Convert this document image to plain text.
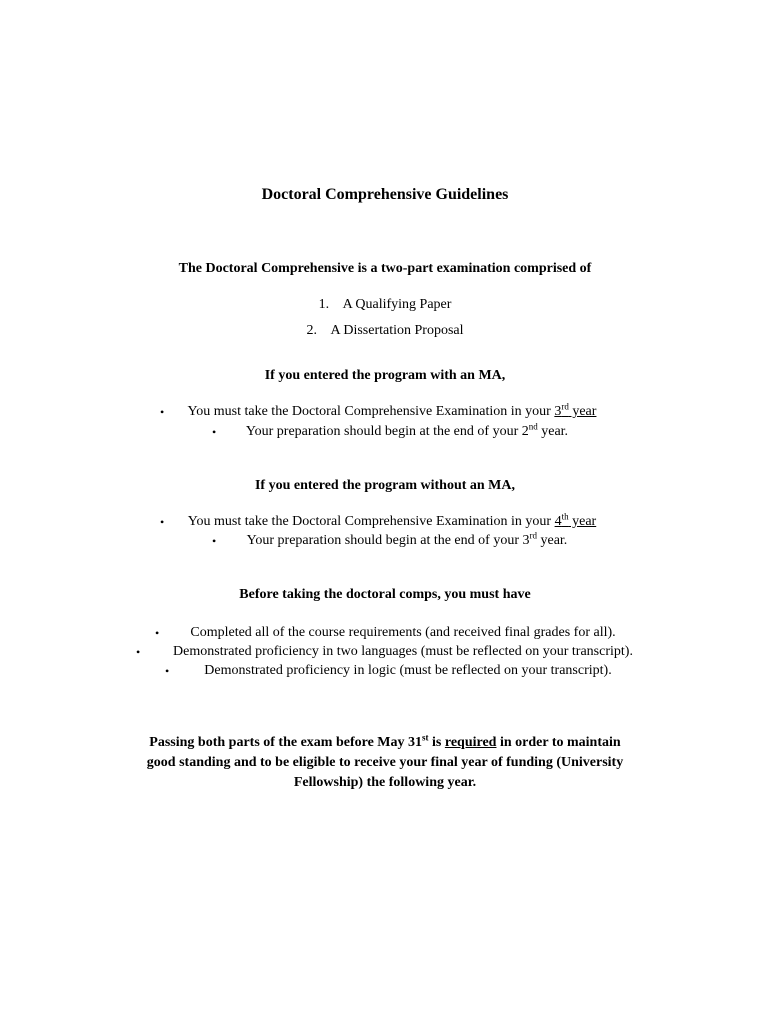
Doctoral Comprehensive Guidelines
The Doctoral Comprehensive is a two-part examination comprised of
1. A Qualifying Paper
2. A Dissertation Proposal
If you entered the program with an MA,
•	You must take the Doctoral Comprehensive Examination in your 3rd year
•	Your preparation should begin at the end of your 2nd year.
If you entered the program without an MA,
•	You must take the Doctoral Comprehensive Examination in your 4th year
•	Your preparation should begin at the end of your 3rd year.
Before taking the doctoral comps, you must have
•	Completed all of the course requirements (and received final grades for all).
•	Demonstrated proficiency in two languages (must be reflected on your transcript).
•	Demonstrated proficiency in logic (must be reflected on your transcript).
Passing both parts of the exam before May 31st is required in order to maintain
good standing and to be eligible to receive your final year of funding (University
Fellowship) the following year.
